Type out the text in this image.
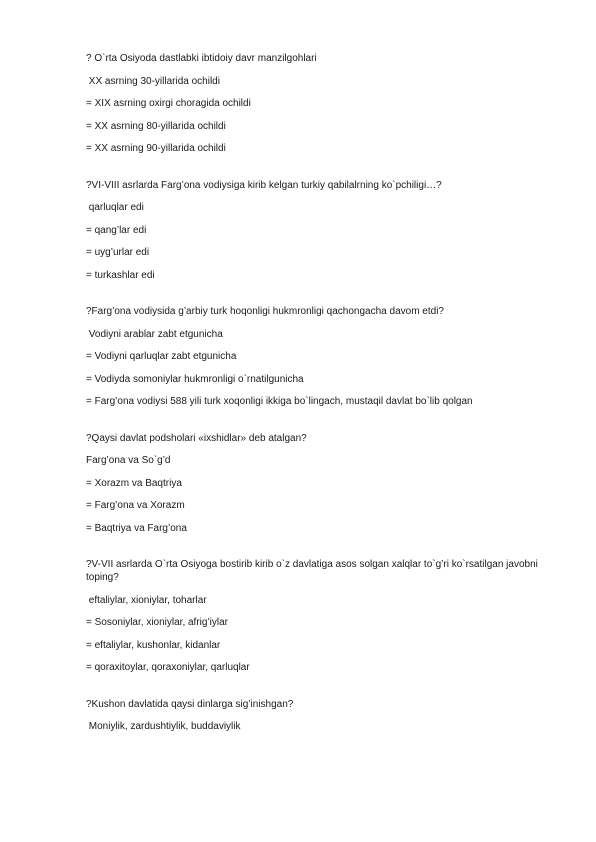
? O`rta Osiyoda dastlabki ibtidoiy davr manzilgohlari

XX asrning 30-yillarida ochildi

= XIX asrning oxirgi choragida ochildi

= XX asrning 80-yillarida ochildi

= XX asrning 90-yillarida ochildi

?VI-VIII asrlarda Farg’ona vodiysiga kirib kelgan turkiy qabilalrning ko`pchiligi…?

qarluqlar edi

= qang’lar edi

= uyg’urlar edi

= turkashlar edi

?Farg’ona vodiysida g’arbiy turk hoqonligi hukmronligi qachongacha davom etdi?

Vodiyni arablar zabt etgunicha

= Vodiyni qarluqlar zabt etgunicha

= Vodiyda somoniylar hukmronligi o`rnatilgunicha

= Farg’ona vodiysi 588 yili turk xoqonligi ikkiga bo`lingach, mustaqil davlat bo`lib qolgan

?Qaysi davlat podsholari «ixshidlar» deb atalgan?

Farg’ona va So`g’d

= Xorazm va Baqtriya

= Farg’ona va Xorazm

= Baqtriya va Farg’ona

?V-VII asrlarda O`rta Osiyoga bostirib kirib o`z davlatiga asos solgan xalqlar to`g’ri ko`rsatilgan javobni toping?

eftaliylar, xioniylar, toharlar

= Sosoniylar, xioniylar, afrig’iylar

= eftaliylar, kushonlar, kidanlar

= qoraxitoylar, qoraxoniylar, qarluqlar

?Kushon davlatida qaysi dinlarga sig’inishgan?

Moniylik, zardushtiylik, buddaviylik
